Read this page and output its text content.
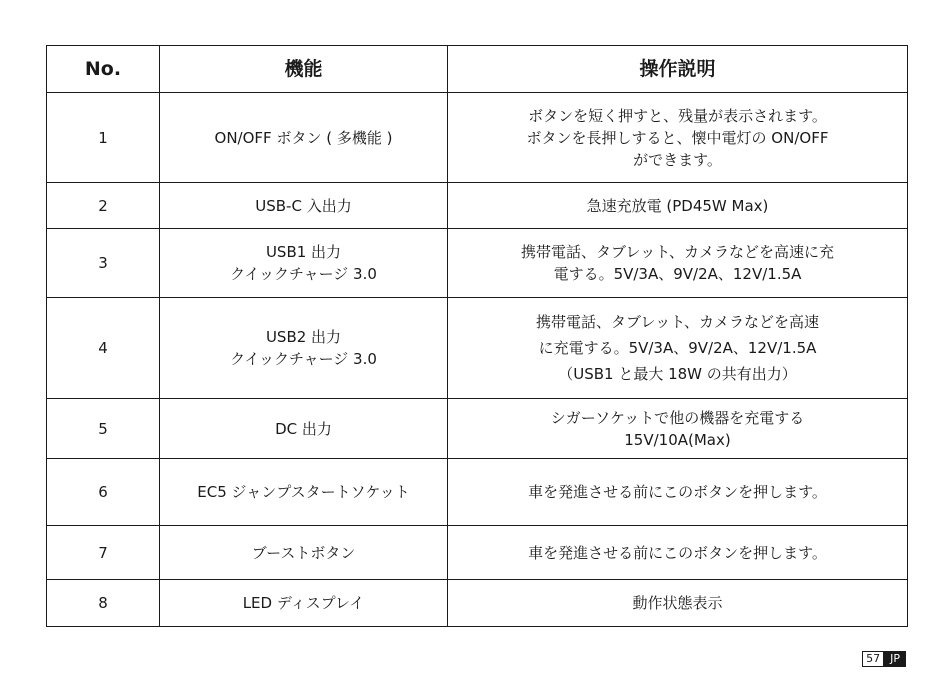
No.	機能	操作説明
1	ON/OFF ボタン ( 多機能 )	ボタンを短く押すと、残量が表示されます。
ボタンを長押しすると、懐中電灯の ON/OFF
ができます。

2	USB-C 入出力	急速充放電 (PD45W Max)

3	USB1 出力
クイックチャージ 3.0	携帯電話、タブレット、カメラなどを高速に充
電する。5V/3A、9V/2A、12V/1.5A

4	USB2 出力
クイックチャージ 3.0	携帯電話、タブレット、カメラなどを高速
に充電する。5V/3A、9V/2A、12V/1.5A
（USB1 と最大 18W の共有出力）

5	DC 出力	シガーソケットで他の機器を充電する
15V/10A(Max)

6	EC5 ジャンプスタートソケット	車を発進させる前にこのボタンを押します。

7	ブーストボタン	車を発進させる前にこのボタンを押します。

8	LED ディスプレイ	動作状態表示
57 JP
